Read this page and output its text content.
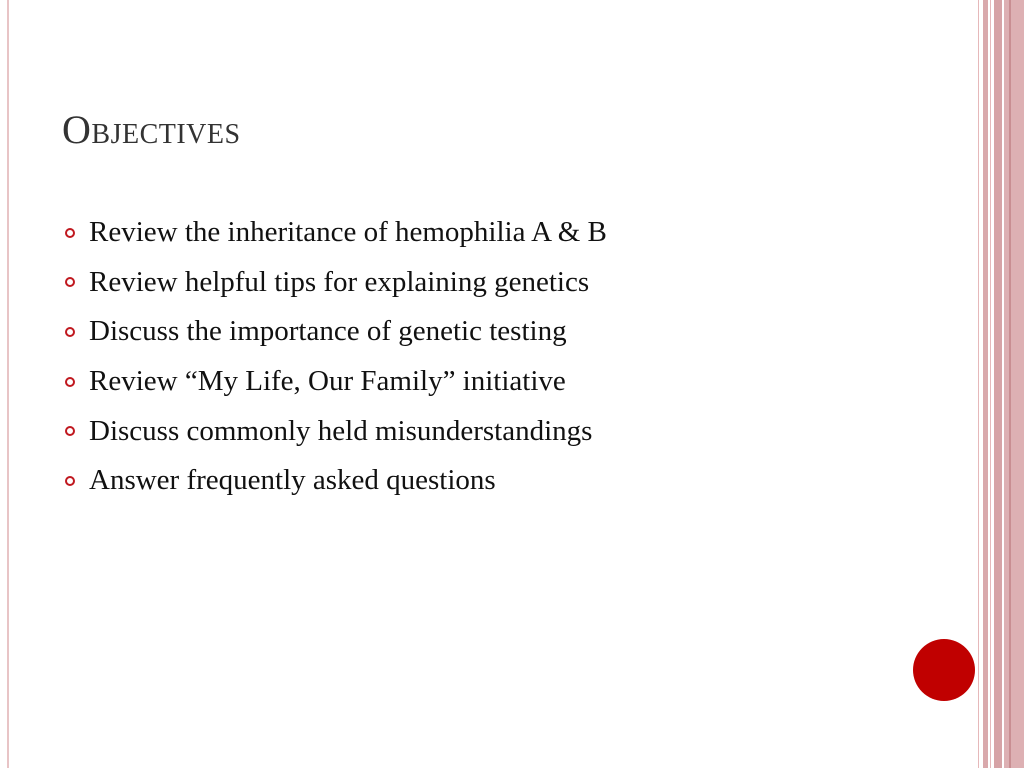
Objectives
Review the inheritance of hemophilia A & B
Review helpful tips for explaining genetics
Discuss the importance of genetic testing
Review “My Life, Our Family” initiative
Discuss commonly held misunderstandings
Answer frequently asked questions
